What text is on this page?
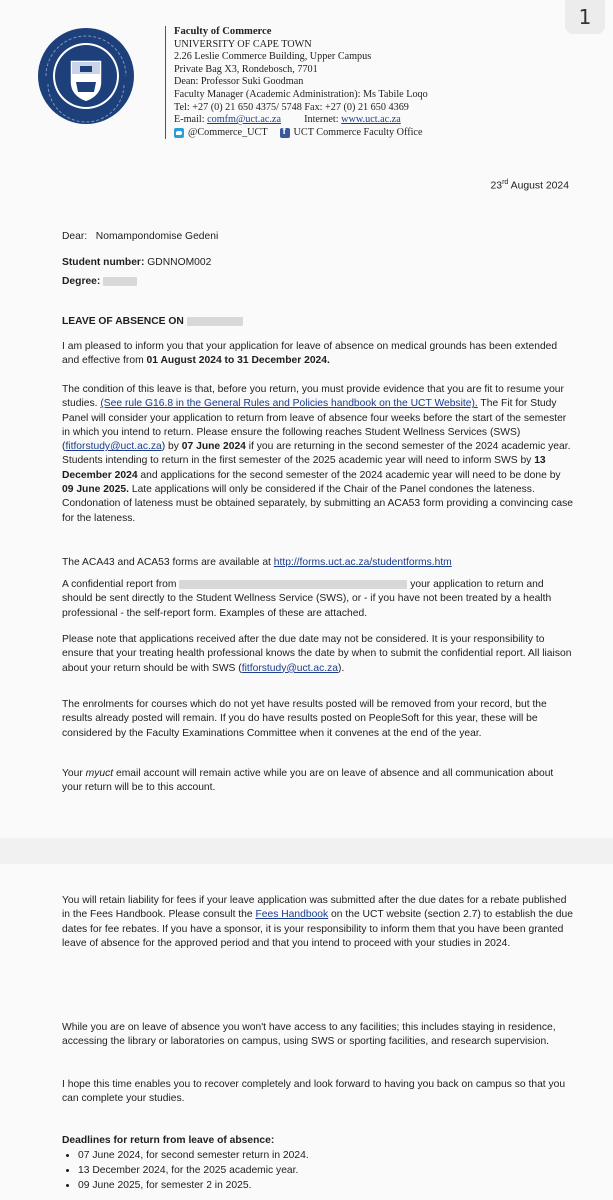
1
Faculty of Commerce
UNIVERSITY OF CAPE TOWN
2.26 Leslie Commerce Building, Upper Campus
Private Bag X3, Rondebosch, 7701
Dean: Professor Suki Goodman
Faculty Manager (Academic Administration): Ms Tabile Loqo
Tel: +27 (0) 21 650 4375/ 5748 Fax: +27 (0) 21 650 4369
E-mail: comfm@uct.ac.za Internet: www.uct.ac.za
@Commerce_UCT
f	UCT Commerce Faculty Office
23rd August 2024
Dear: Nomampondomise Gedeni
Student number: GDNNOM002
Degree:
LEAVE OF ABSENCE ON

I am pleased to inform you that your application for leave of absence on medical grounds has been extended and effective from 01 August 2024 to 31 December 2024.

The condition of this leave is that, before you return, you must provide evidence that you are fit to resume your studies. (See rule G16.8 in the General Rules and Policies handbook on the UCT Website). The Fit for Study Panel will consider your application to return from leave of absence four weeks before the start of the semester in which you intend to return. Please ensure the following reaches Student Wellness Services (SWS) (fitforstudy@uct.ac.za) by 07 June 2024 if you are returning in the second semester of the 2024 academic year. Students intending to return in the first semester of the 2025 academic year will need to inform SWS by 13 December 2024 and applications for the second semester of the 2024 academic year will need to be done by 09 June 2025. Late applications will only be considered if the Chair of the Panel condones the lateness. Condonation of lateness must be obtained separately, by submitting an ACA53 form providing a convincing case for the lateness.

The ACA43 and ACA53 forms are available at http://forms.uct.ac.za/studentforms.htm

A confidential report from	your application to return and should be sent directly to the Student Wellness Service (SWS), or - if you have not been treated by a health professional - the self-report form. Examples of these are attached.

Please note that applications received after the due date may not be considered. It is your responsibility to ensure that your treating health professional knows the date by when to submit the confidential report. All liaison about your return should be with SWS (fitforstudy@uct.ac.za).

The enrolments for courses which do not yet have results posted will be removed from your record, but the results already posted will remain. If you do have results posted on PeopleSoft for this year, these will be considered by the Faculty Examinations Committee when it convenes at the end of the year.

Your myuct email account will remain active while you are on leave of absence and all communication about your return will be to this account.

You will retain liability for fees if your leave application was submitted after the due dates for a rebate published in the Fees Handbook. Please consult the Fees Handbook on the UCT website (section 2.7) to establish the due dates for fee rebates. If you have a sponsor, it is your responsibility to inform them that you have been granted leave of absence for the approved period and that you intend to proceed with your studies in 2024.

While you are on leave of absence you won't have access to any facilities; this includes staying in residence, accessing the library or laboratories on campus, using SWS or sporting facilities, and research supervision.

I hope this time enables you to recover completely and look forward to having you back on campus so that you can complete your studies.

Deadlines for return from leave of absence:
• 07 June 2024, for second semester return in 2024.
• 13 December 2024, for the 2025 academic year.
• 09 June 2025, for semester 2 in 2025.
